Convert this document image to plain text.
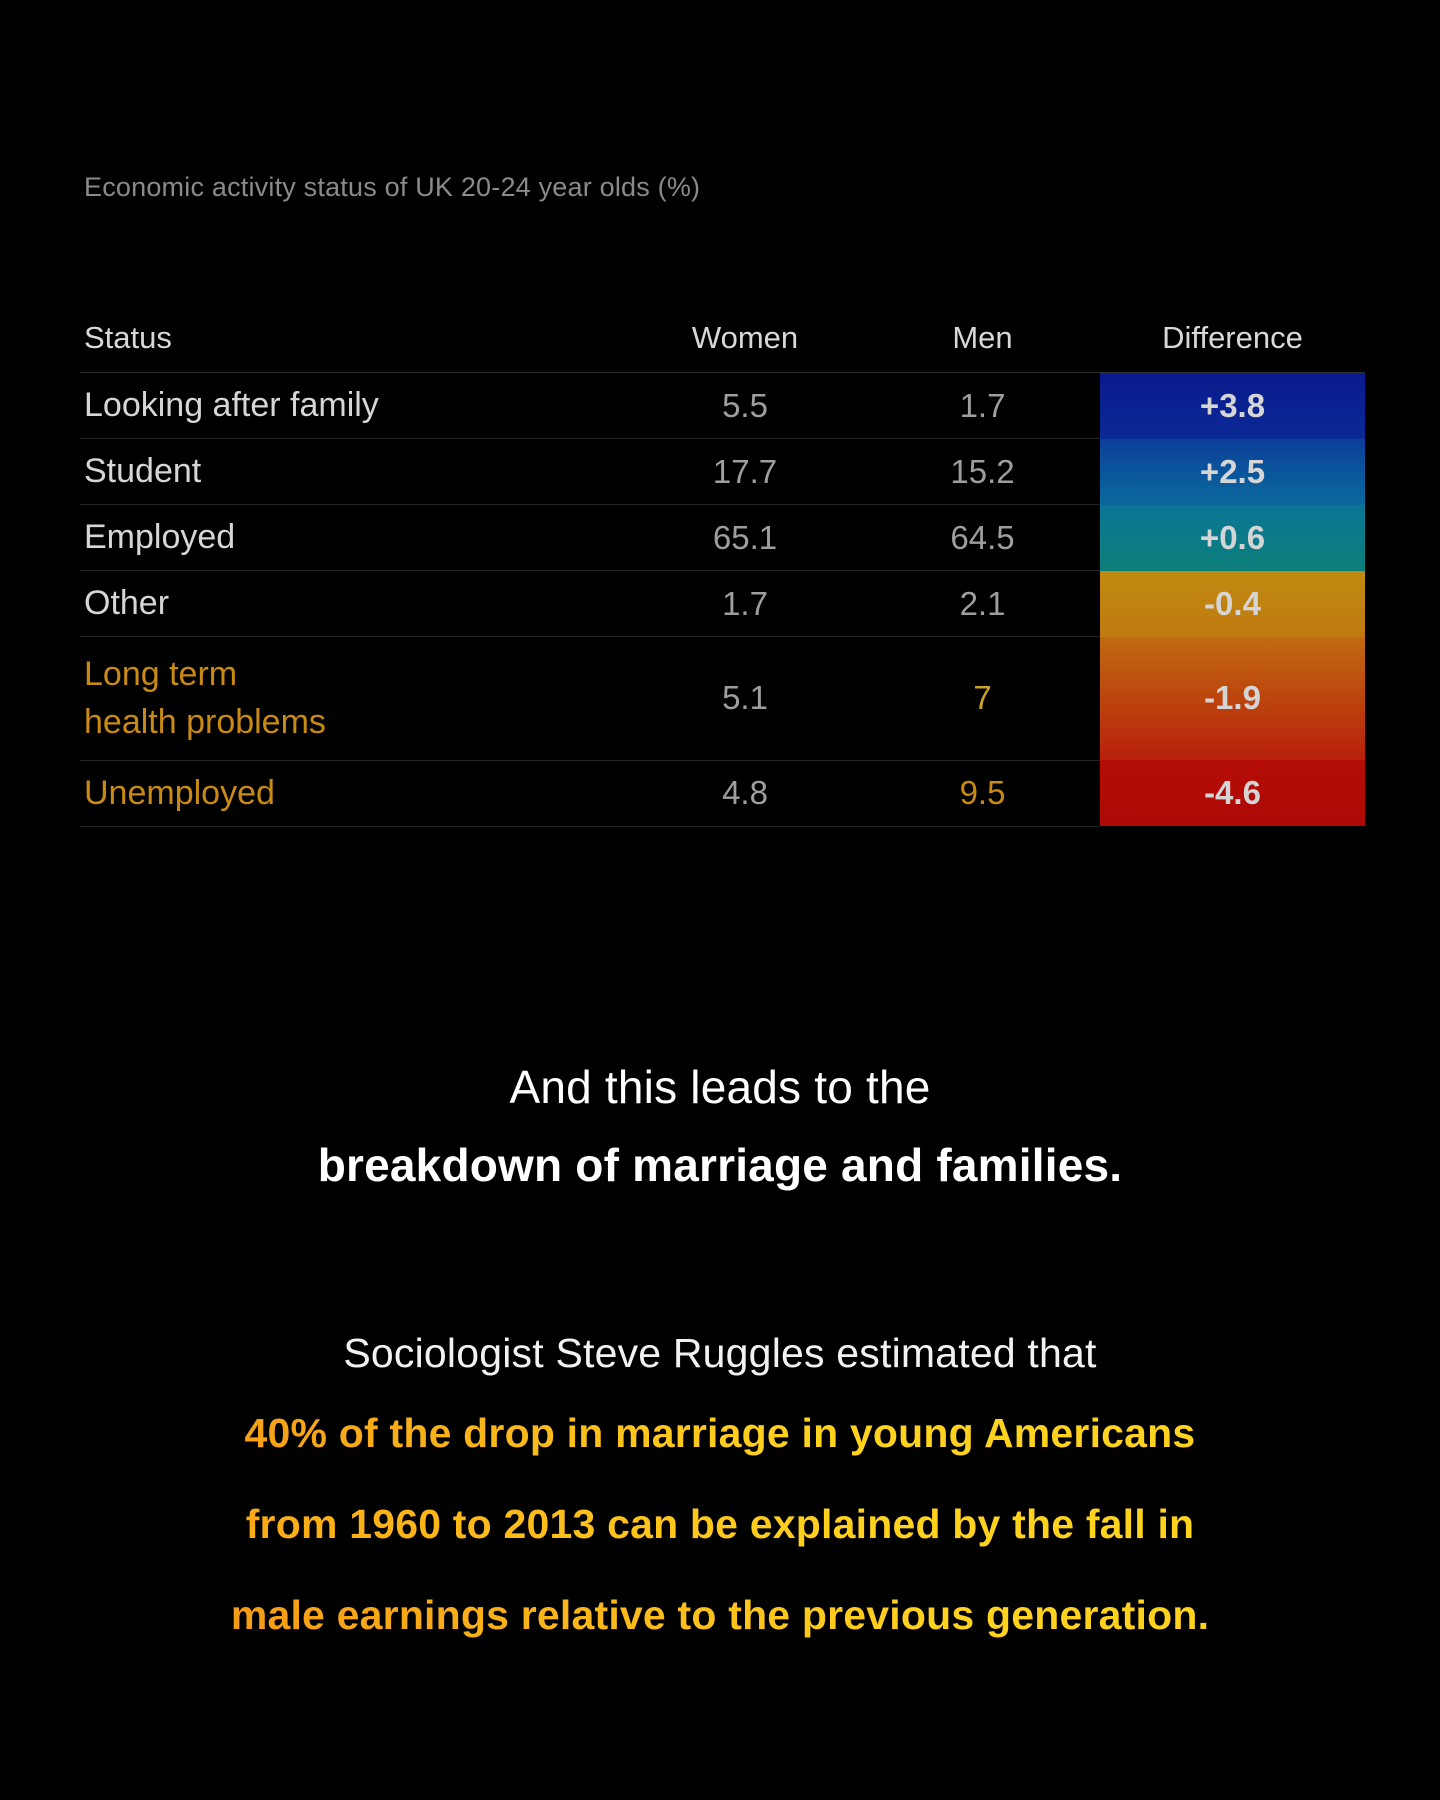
Economic activity status of UK 20-24 year olds (%)
Status	Women	Men	Difference
Looking after family	5.5	1.7	+3.8
Student	17.7	15.2	+2.5
Employed	65.1	64.5	+0.6
Other	1.7	2.1	-0.4

Long term
health problems	5.1	7	-1.9
Unemployed	4.8	9.5	-4.6
And this leads to the
breakdown of marriage and families.
Sociologist Steve Ruggles estimated that
40% of the drop in marriage in young Americans
from 1960 to 2013 can be explained by the fall in
male earnings relative to the previous generation.
